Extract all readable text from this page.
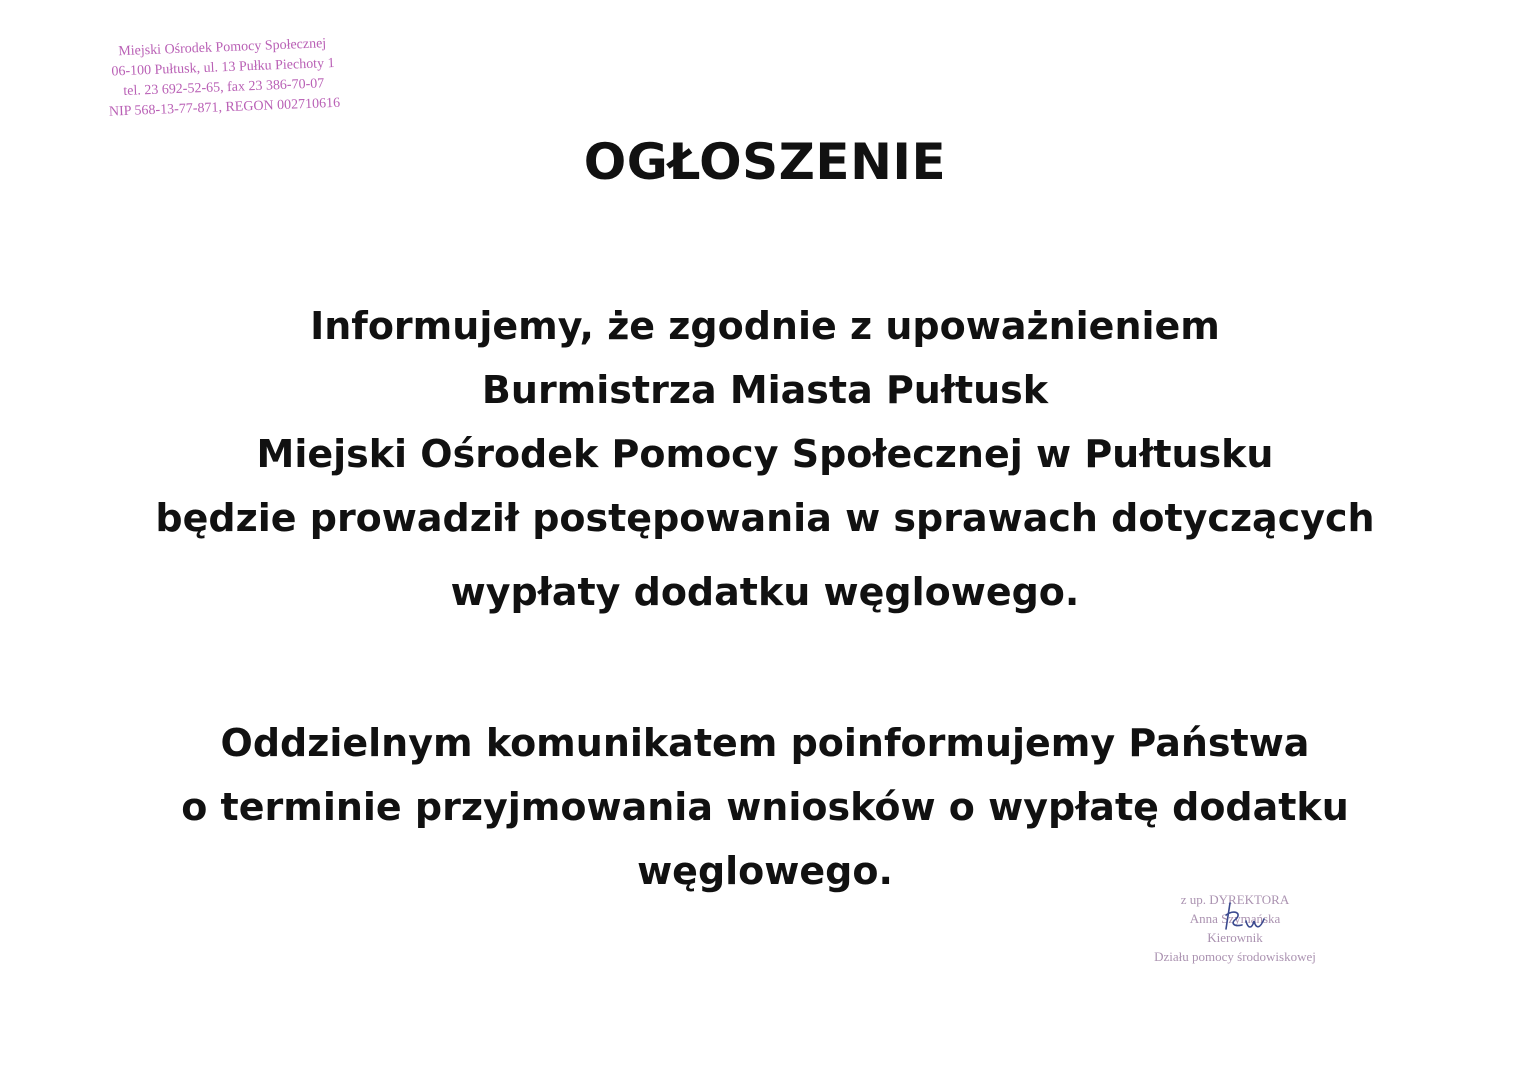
Miejski Ośrodek Pomocy Społecznej
06-100 Pułtusk, ul. 13 Pułku Piechoty 1
tel. 23 692-52-65, fax 23 386-70-07
NIP 568-13-77-871, REGON 002710616
OGŁOSZENIE
Informujemy, że zgodnie z upoważnieniem
Burmistrza Miasta Pułtusk
Miejski Ośrodek Pomocy Społecznej w Pułtusku
będzie prowadził postępowania w sprawach dotyczących
wypłaty dodatku węglowego.
Oddzielnym komunikatem poinformujemy Państwa
o terminie przyjmowania wniosków o wypłatę dodatku
węglowego.
z up. DYREKTORA
Anna Szymańska
Kierownik
Działu pomocy środowiskowej
